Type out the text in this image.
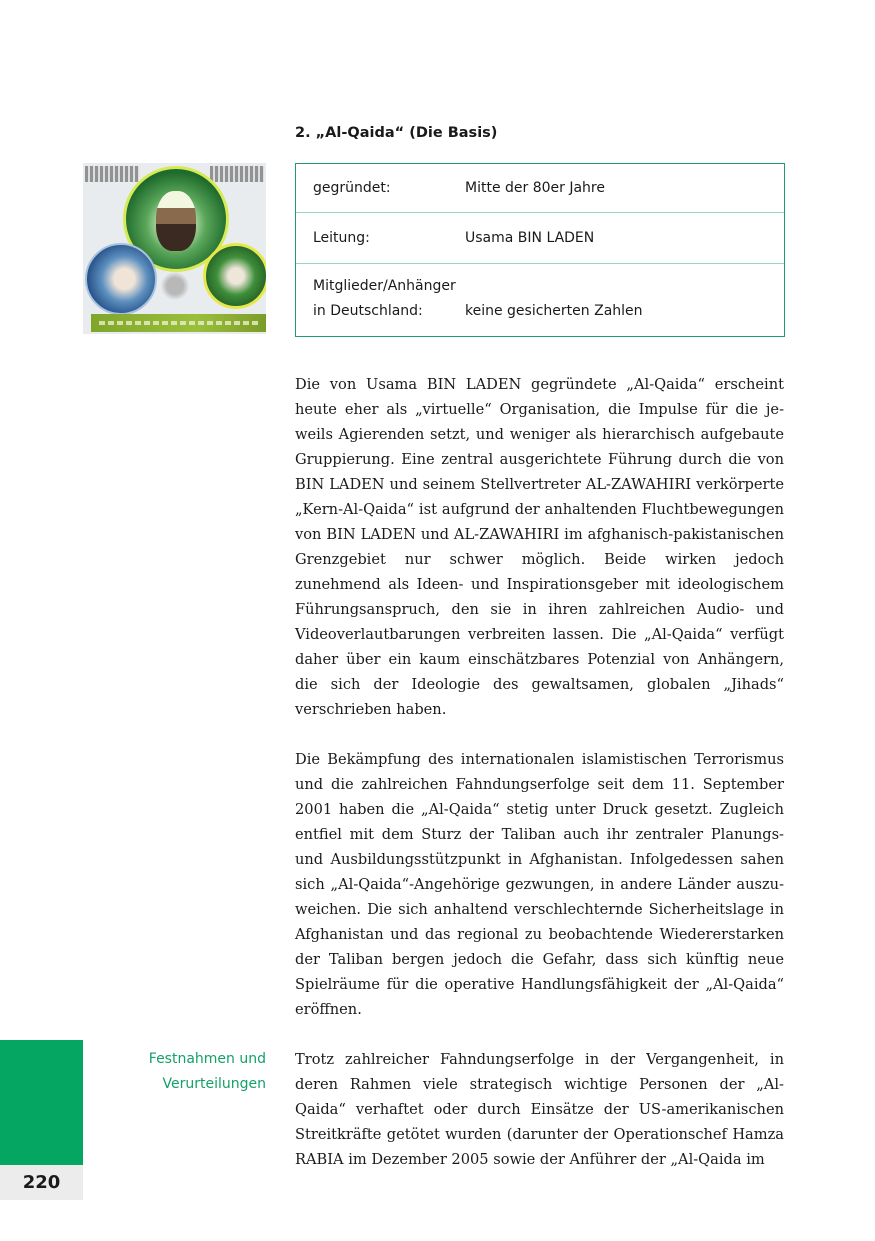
2. „Al-Qaida“ (Die Basis)
gegründet:	Mitte der 80er Jahre
Leitung:	Usama BIN LADEN
Mitglieder/Anhänger
in Deutschland:	keine gesicherten Zahlen

Die von Usama BIN LADEN gegründete „Al-Qaida“ erscheint heute eher als „virtuelle“ Organisation, die Impulse für die jeweils Agierenden setzt, und weniger als hierarchisch aufgebaute Gruppierung. Eine zentral ausgerichtete Führung durch die von BIN LADEN und seinem Stellvertreter AL-ZAWAHIRI verkörperte „Kern-Al-Qaida“ ist aufgrund der anhaltenden Fluchtbewegungen von BIN LADEN und AL-ZAWAHIRI im afghanisch-pakistanischen Grenzgebiet nur schwer möglich. Beide wirken jedoch zunehmend als Ideen- und Inspirationsgeber mit ideologischem Führungsanspruch, den sie in ihren zahlreichen Audio- und Videoverlautbarungen verbreiten lassen. Die „Al-Qaida“ verfügt daher über ein kaum einschätzbares Potenzial von Anhängern, die sich der Ideologie des gewaltsamen, globalen „Jihads“ verschrieben haben.

Die Bekämpfung des internationalen islamistischen Terrorismus und die zahlreichen Fahndungserfolge seit dem 11. September 2001 haben die „Al-Qaida“ stetig unter Druck gesetzt. Zugleich entfiel mit dem Sturz der Taliban auch ihr zentraler Planungs- und Ausbildungsstützpunkt in Afghanistan. Infolgedessen sahen sich „Al-Qaida“-Angehörige gezwungen, in andere Länder auszuweichen. Die sich anhaltend verschlechternde Sicherheitslage in Afghanistan und das regional zu beobachtende Wiedererstarken der Taliban bergen jedoch die Gefahr, dass sich künftig neue Spielräume für die operative Handlungsfähigkeit der „Al-Qaida“ eröffnen.

Festnahmen und
Verurteilungen

Trotz zahlreicher Fahndungserfolge in der Vergangenheit, in deren Rahmen viele strategisch wichtige Personen der „Al-Qaida“ verhaftet oder durch Einsätze der US-amerikanischen Streitkräfte getötet wurden (darunter der Operationschef Hamza RABIA im Dezember 2005 sowie der Anführer der „Al-Qaida im

220
